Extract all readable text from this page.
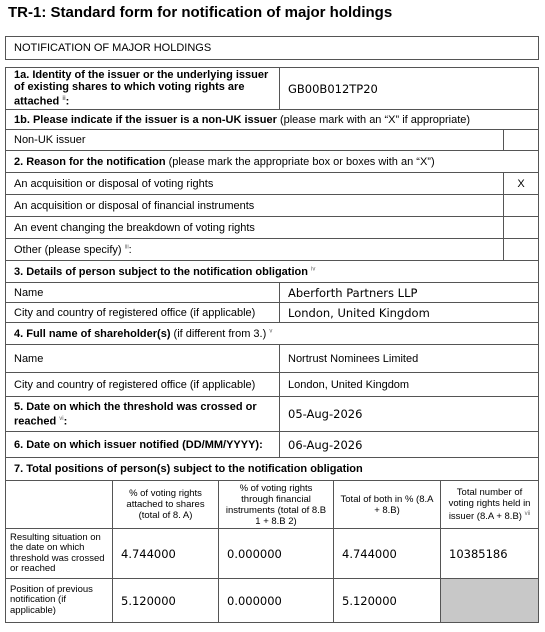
TR-1: Standard form for notification of major holdings
NOTIFICATION OF MAJOR HOLDINGS						

1a. Identity of the issuer or the underlying issuer of existing shares to which voting rights are attached $^{ii}$:			GB00B012TP20			
1b. Please indicate if the issuer is a non-UK issuer (please mark with an “X” if appropriate)						
Non-UK issuer						
2. Reason for the notification (please mark the appropriate box or boxes with an “X”)						
An acquisition or disposal of voting rights						X
An acquisition or disposal of financial instruments						
An event changing the breakdown of voting rights						
Other (please specify) $^{iii}$:						
3. Details of person subject to the notification obligation $^{iv}$
Name			Aberforth Partners LLP			
City and country of registered office (if applicable)			London, United Kingdom			
4. Full name of shareholder(s) (if different from 3.) $^v$
Name			Nortrust Nominees Limited			
City and country of registered office (if applicable)			London, United Kingdom			
5. Date on which the threshold was crossed or reached $^{vi}$:			05-Aug-2026			
6. Date on which issuer notified (DD/MM/YYYY):			06-Aug-2026			
7. Total positions of person(s) subject to the notification obligation						
	% of voting rights attached to shares (total of 8. A)	% of voting rights through financial instruments (total of 8.B 1 + 8.B 2)		Total of both in % (8.A + 8.B)	Total number of voting rights held in issuer (8.A + 8.B) $^{vii}$
Resulting situation on the date on which threshold was crossed or reached	4.744000	0.000000		4.744000	10385186	
Position of previous notification (if applicable)	5.120000	0.000000		5.120000		
